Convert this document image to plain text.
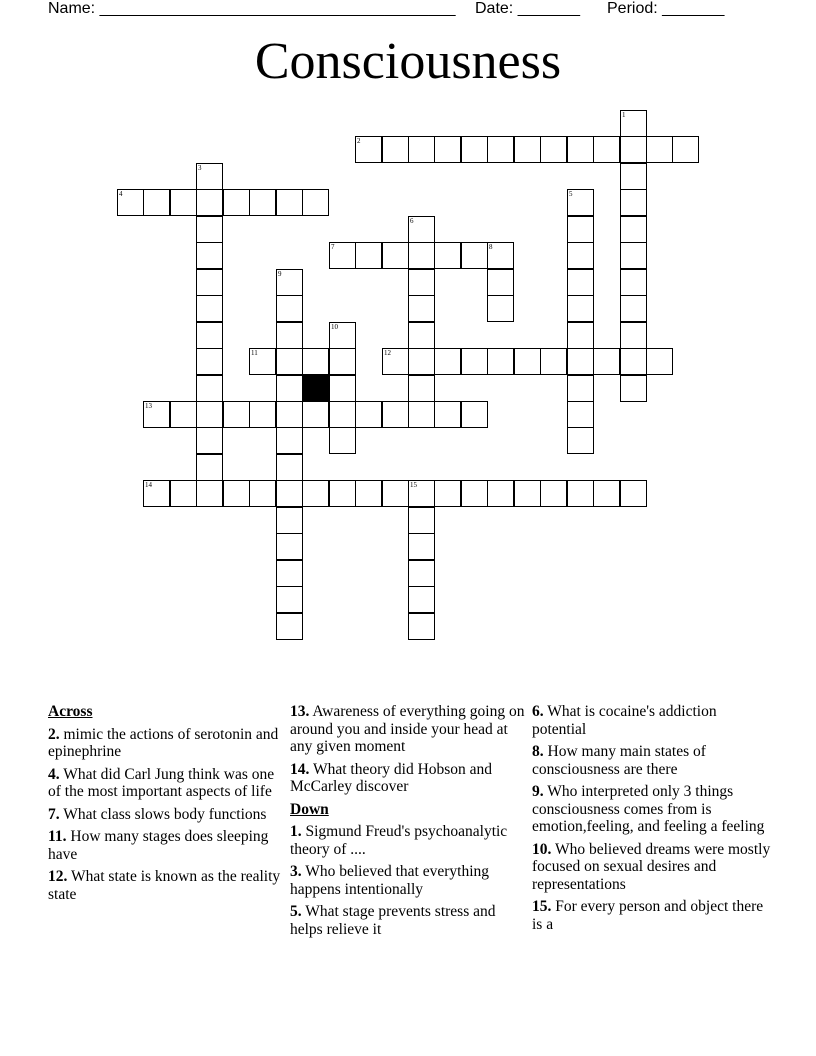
Name: ________________________________________ Date: _______ Period: _______
Consciousness
1
2
3
4	5
6
7	8
9
10
11	12
13
14	15
Across
2. mimic the actions of serotonin and epinephrine
4. What did Carl Jung think was one of the most important aspects of life
7. What class slows body functions
11. How many stages does sleeping have
12. What state is known as the reality state
13. Awareness of everything going on around you and inside your head at any given moment
14. What theory did Hobson and McCarley discover
Down
1. Sigmund Freud's psychoanalytic theory of ....
3. Who believed that everything happens intentionally
5. What stage prevents stress and helps relieve it
6. What is cocaine's addiction potential
8. How many main states of consciousness are there
9. Who interpreted only 3 things consciousness comes from is emotion,feeling, and feeling a feeling
10. Who believed dreams were mostly focused on sexual desires and representations
15. For every person and object there is a
